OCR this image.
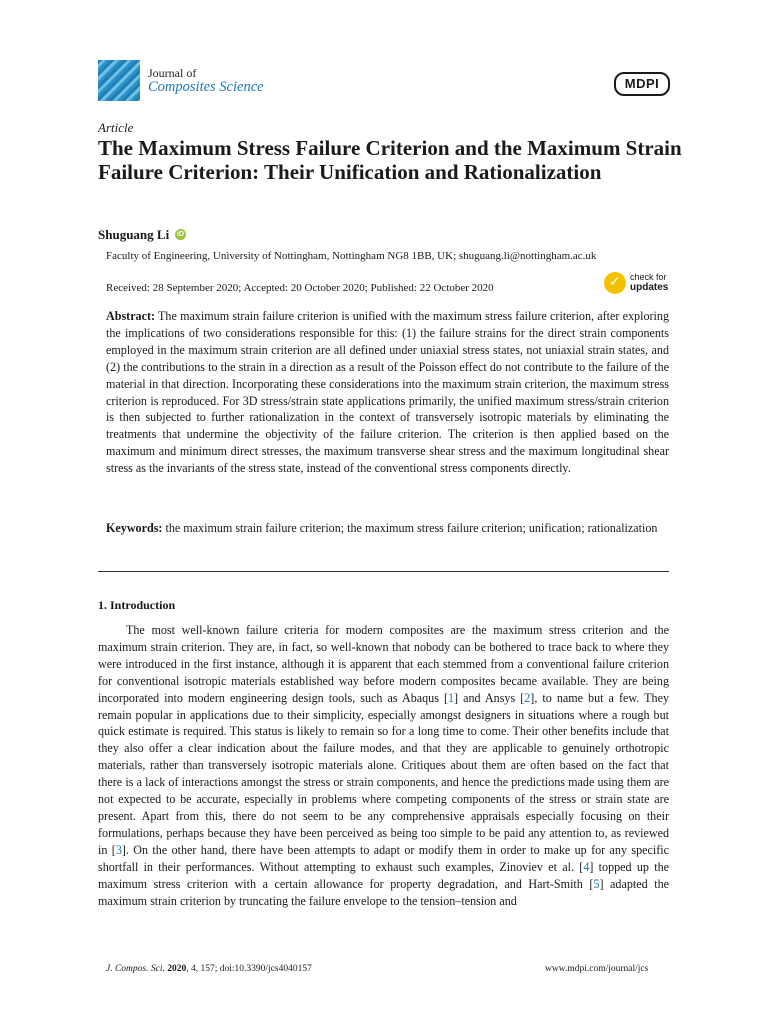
Journal of
Composites Science	MDPI
Article
The Maximum Stress Failure Criterion and the Maximum Strain Failure Criterion: Their Unification and Rationalization
Shuguang Li iD
Faculty of Engineering, University of Nottingham, Nottingham NG8 1BB, UK; shuguang.li@nottingham.ac.uk
Received: 28 September 2020; Accepted: 20 October 2020; Published: 22 October 2020	✓ check for
updates
Abstract: The maximum strain failure criterion is unified with the maximum stress failure criterion, after exploring the implications of two considerations responsible for this: (1) the failure strains for the direct strain components employed in the maximum strain criterion are all defined under uniaxial stress states, not uniaxial strain states, and (2) the contributions to the strain in a direction as a result of the Poisson effect do not contribute to the failure of the material in that direction. Incorporating these considerations into the maximum strain criterion, the maximum stress criterion is reproduced. For 3D stress/strain state applications primarily, the unified maximum stress/strain criterion is then subjected to further rationalization in the context of transversely isotropic materials by eliminating the treatments that undermine the objectivity of the failure criterion. The criterion is then applied based on the maximum and minimum direct stresses, the maximum transverse shear stress and the maximum longitudinal shear stress as the invariants of the stress state, instead of the conventional stress components directly.
Keywords: the maximum strain failure criterion; the maximum stress failure criterion; unification; rationalization
1. Introduction
The most well-known failure criteria for modern composites are the maximum stress criterion and the maximum strain criterion. They are, in fact, so well-known that nobody can be bothered to trace back to where they were introduced in the first instance, although it is apparent that each stemmed from a conventional failure criterion for conventional isotropic materials established way before modern composites became available. They are being incorporated into modern engineering design tools, such as Abaqus [1] and Ansys [2], to name but a few. They remain popular in applications due to their simplicity, especially amongst designers in situations where a rough but quick estimate is required. This status is likely to remain so for a long time to come. Their other benefits include that they also offer a clear indication about the failure modes, and that they are applicable to genuinely orthotropic materials, rather than transversely isotropic materials alone. Critiques about them are often based on the fact that there is a lack of interactions amongst the stress or strain components, and hence the predictions made using them are not expected to be accurate, especially in problems where competing components of the stress or strain state are present. Apart from this, there do not seem to be any comprehensive appraisals especially focusing on their formulations, perhaps because they have been perceived as being too simple to be paid any attention to, as reviewed in [3]. On the other hand, there have been attempts to adapt or modify them in order to make up for any specific shortfall in their performances. Without attempting to exhaust such examples, Zinoviev et al. [4] topped up the maximum stress criterion with a certain allowance for property degradation, and Hart-Smith [5] adapted the maximum strain criterion by truncating the failure envelope to the tension–tension and
J. Compos. Sci. 2020, 4, 157; doi:10.3390/jcs4040157	www.mdpi.com/journal/jcs
